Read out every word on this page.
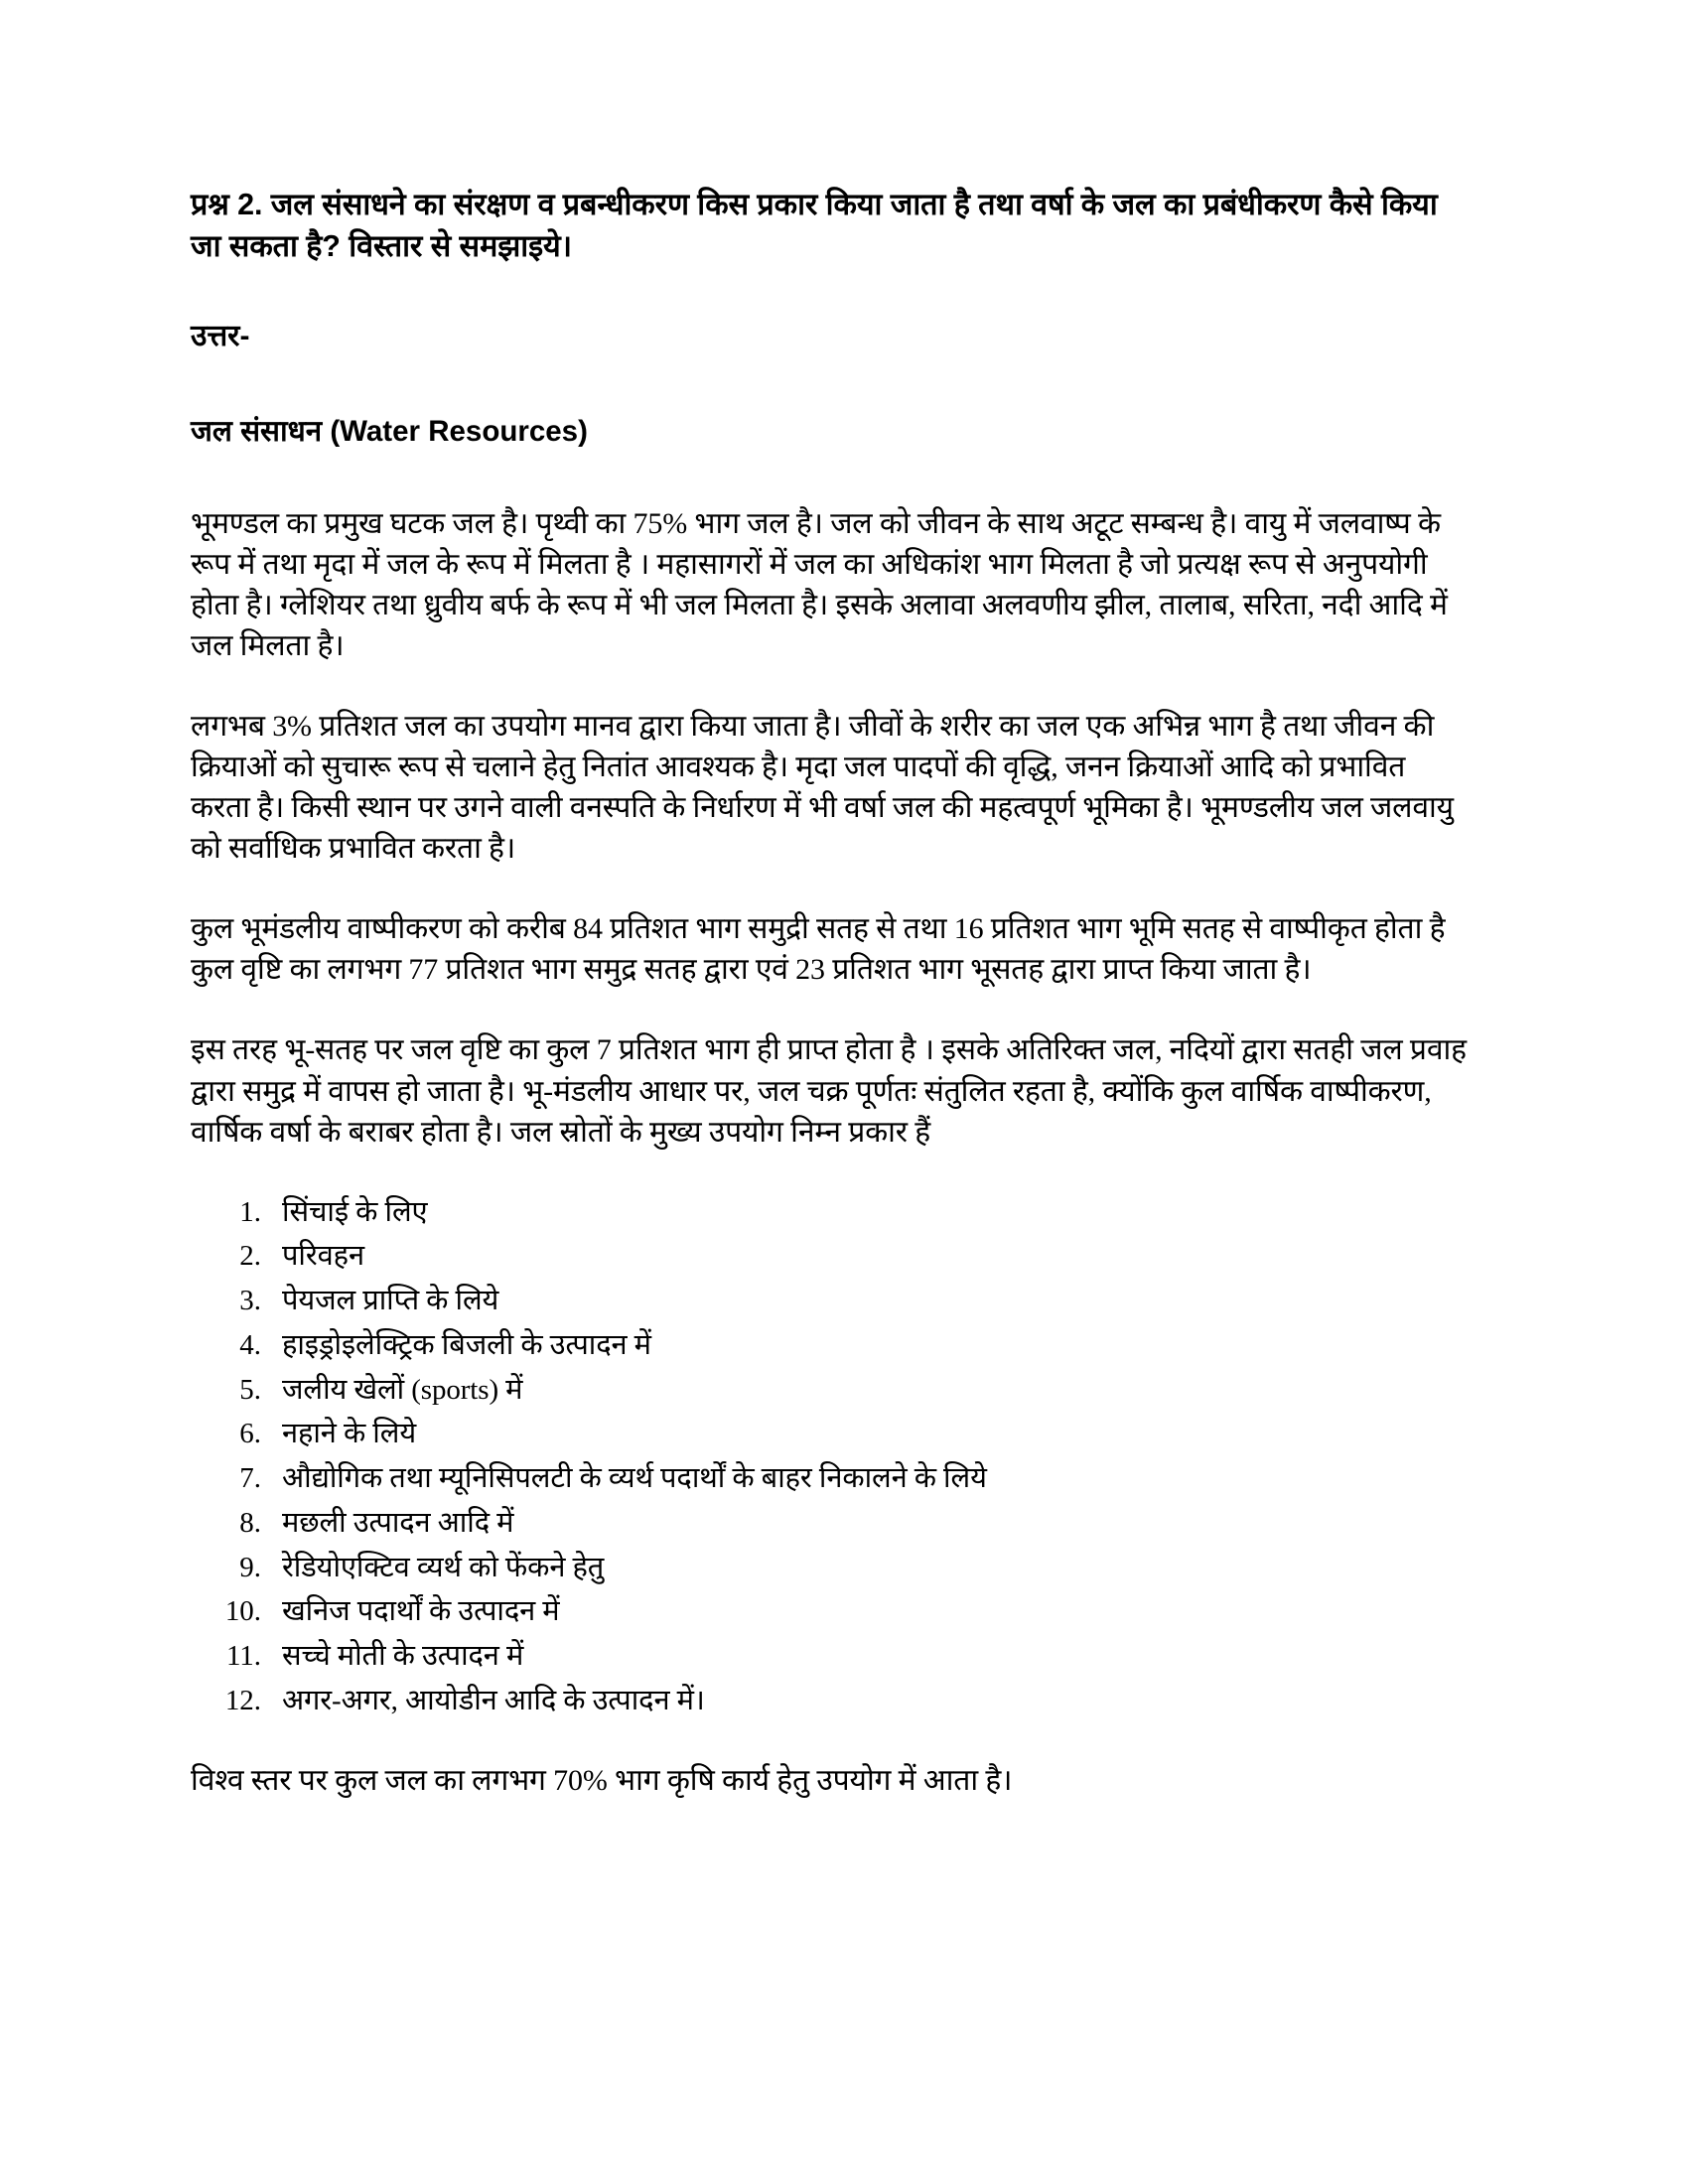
प्रश्न 2. जल संसाधने का संरक्षण व प्रबन्धीकरण किस प्रकार किया जाता है तथा वर्षा के जल का प्रबंधीकरण कैसे किया जा सकता है? विस्तार से समझाइये।
उत्तर-
जल संसाधन (Water Resources)

भूमण्डल का प्रमुख घटक जल है। पृथ्वी का 75% भाग जल है। जल को जीवन के साथ अटूट सम्बन्ध है। वायु में जलवाष्प के रूप में तथा मृदा में जल के रूप में मिलता है । महासागरों में जल का अधिकांश भाग मिलता है जो प्रत्यक्ष रूप से अनुपयोगी होता है। ग्लेशियर तथा ध्रुवीय बर्फ के रूप में भी जल मिलता है। इसके अलावा अलवणीय झील, तालाब, सरिता, नदी आदि में जल मिलता है।

लगभब 3% प्रतिशत जल का उपयोग मानव द्वारा किया जाता है। जीवों के शरीर का जल एक अभिन्न भाग है तथा जीवन की क्रियाओं को सुचारू रूप से चलाने हेतु नितांत आवश्यक है। मृदा जल पादपों की वृद्धि, जनन क्रियाओं आदि को प्रभावित करता है। किसी स्थान पर उगने वाली वनस्पति के निर्धारण में भी वर्षा जल की महत्वपूर्ण भूमिका है। भूमण्डलीय जल जलवायु को सर्वाधिक प्रभावित करता है।

कुल भूमंडलीय वाष्पीकरण को करीब 84 प्रतिशत भाग समुद्री सतह से तथा 16 प्रतिशत भाग भूमि सतह से वाष्पीकृत होता है कुल वृष्टि का लगभग 77 प्रतिशत भाग समुद्र सतह द्वारा एवं 23 प्रतिशत भाग भूसतह द्वारा प्राप्त किया जाता है।

इस तरह भू-सतह पर जल वृष्टि का कुल 7 प्रतिशत भाग ही प्राप्त होता है । इसके अतिरिक्त जल, नदियों द्वारा सतही जल प्रवाह द्वारा समुद्र में वापस हो जाता है। भू-मंडलीय आधार पर, जल चक्र पूर्णतः संतुलित रहता है, क्योंकि कुल वार्षिक वाष्पीकरण, वार्षिक वर्षा के बराबर होता है। जल स्रोतों के मुख्य उपयोग निम्न प्रकार हैं

1. सिंचाई के लिए
2. परिवहन
3. पेयजल प्राप्ति के लिये
4. हाइड्रोइलेक्ट्रिक बिजली के उत्पादन में
5. जलीय खेलों (sports) में
6. नहाने के लिये
7. औद्योगिक तथा म्यूनिसिपलटी के व्यर्थ पदार्थों के बाहर निकालने के लिये
8. मछली उत्पादन आदि में
9. रेडियोएक्टिव व्यर्थ को फेंकने हेतु
10. खनिज पदार्थों के उत्पादन में
11. सच्चे मोती के उत्पादन में
12. अगर-अगर, आयोडीन आदि के उत्पादन में।

विश्व स्तर पर कुल जल का लगभग 70% भाग कृषि कार्य हेतु उपयोग में आता है।
